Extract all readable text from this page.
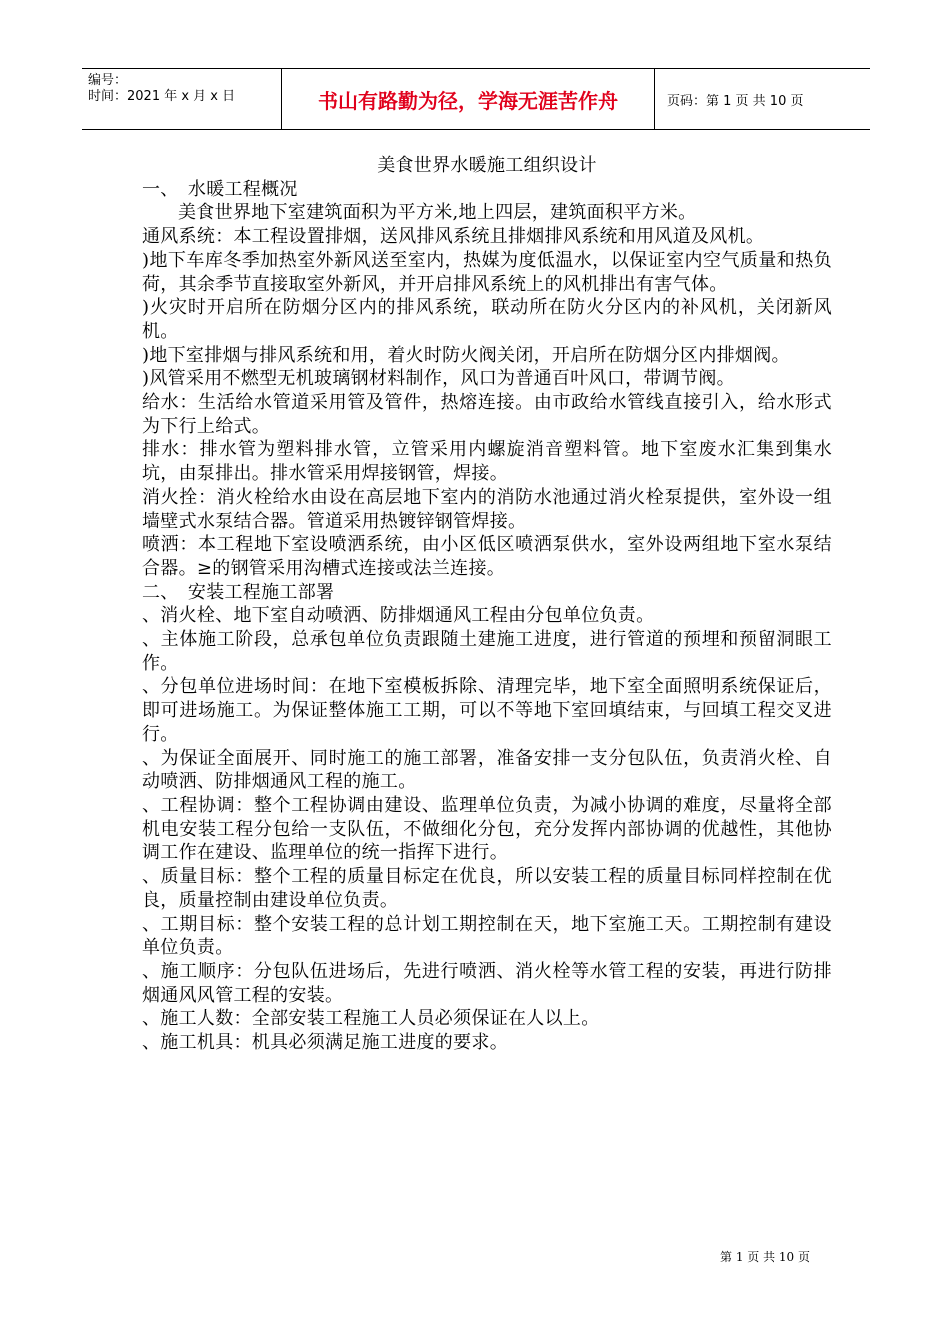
编号：
时间：2021 年 x 月 x 日	书山有路勤为径，学海无涯苦作舟	页码：第 1 页 共 10 页

美食世界水暖施工组织设计

一、　水暖工程概况

美食世界地下室建筑面积为平方米,地上四层，建筑面积平方米。

通风系统：本工程设置排烟，送风排风系统且排烟排风系统和用风道及风机。

)地下车库冬季加热室外新风送至室内，热媒为度低温水，以保证室内空气质量和热负荷，其余季节直接取室外新风，并开启排风系统上的风机排出有害气体。

)火灾时开启所在防烟分区内的排风系统，联动所在防火分区内的补风机，关闭新风机。

)地下室排烟与排风系统和用，着火时防火阀关闭，开启所在防烟分区内排烟阀。

)风管采用不燃型无机玻璃钢材料制作，风口为普通百叶风口，带调节阀。

给水：生活给水管道采用管及管件，热熔连接。由市政给水管线直接引入，给水形式为下行上给式。

排水：排水管为塑料排水管，立管采用内螺旋消音塑料管。地下室废水汇集到集水坑，由泵排出。排水管采用焊接钢管，焊接。

消火拴：消火栓给水由设在高层地下室内的消防水池通过消火栓泵提供，室外设一组墙壁式水泵结合器。管道采用热镀锌钢管焊接。

喷洒：本工程地下室设喷洒系统，由小区低区喷洒泵供水，室外设两组地下室水泵结合器。≥的钢管采用沟槽式连接或法兰连接。

二、　安装工程施工部署

、消火栓、地下室自动喷洒、防排烟通风工程由分包单位负责。

、主体施工阶段，总承包单位负责跟随土建施工进度，进行管道的预埋和预留洞眼工作。

、分包单位进场时间：在地下室模板拆除、清理完毕，地下室全面照明系统保证后，即可进场施工。为保证整体施工工期，可以不等地下室回填结束，与回填工程交叉进行。

、为保证全面展开、同时施工的施工部署，准备安排一支分包队伍，负责消火栓、自动喷洒、防排烟通风工程的施工。

、工程协调：整个工程协调由建设、监理单位负责，为减小协调的难度，尽量将全部机电安装工程分包给一支队伍，不做细化分包，充分发挥内部协调的优越性，其他协调工作在建设、监理单位的统一指挥下进行。

、质量目标：整个工程的质量目标定在优良，所以安装工程的质量目标同样控制在优良，质量控制由建设单位负责。

、工期目标：整个安装工程的总计划工期控制在天，地下室施工天。工期控制有建设单位负责。

、施工顺序：分包队伍进场后，先进行喷洒、消火栓等水管工程的安装，再进行防排烟通风风管工程的安装。

、施工人数：全部安装工程施工人员必须保证在人以上。

、施工机具：机具必须满足施工进度的要求。

第 1 页 共 10 页
